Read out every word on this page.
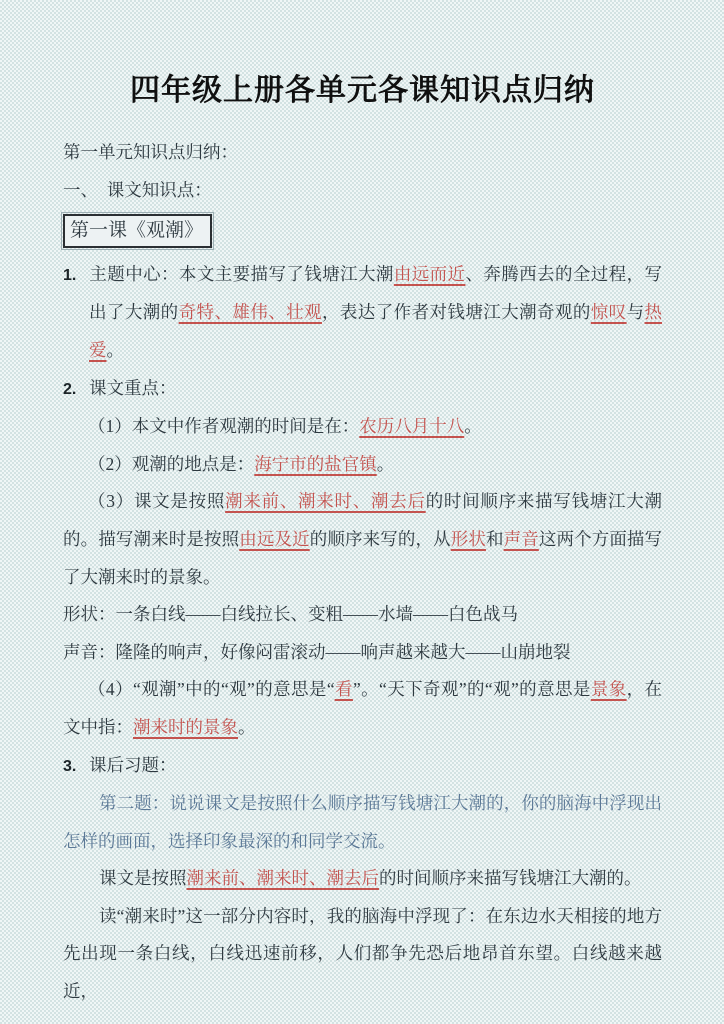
四年级上册各单元各课知识点归纳

第一单元知识点归纳：

一、　课文知识点：

第一课《观潮》

1. 主题中心：本文主要描写了钱塘江大潮由远而近、奔腾西去的全过程，写出了大潮的奇特、雄伟、壮观，表达了作者对钱塘江大潮奇观的惊叹与热爱。

2. 课文重点：

（1）本文中作者观潮的时间是在：农历八月十八。

（2）观潮的地点是：海宁市的盐官镇。

（3）课文是按照潮来前、潮来时、潮去后的时间顺序来描写钱塘江大潮的。描写潮来时是按照由远及近的顺序来写的，从形状和声音这两个方面描写了大潮来时的景象。

形状：一条白线——白线拉长、变粗——水墙——白色战马

声音：隆隆的响声，好像闷雷滚动——响声越来越大——山崩地裂

（4）“观潮”中的“观”的意思是“看”。“天下奇观”的“观”的意思是景象，在文中指：潮来时的景象。

3. 课后习题：

第二题：说说课文是按照什么顺序描写钱塘江大潮的，你的脑海中浮现出怎样的画面，选择印象最深的和同学交流。

课文是按照潮来前、潮来时、潮去后的时间顺序来描写钱塘江大潮的。

读“潮来时”这一部分内容时，我的脑海中浮现了：在东边水天相接的地方先出现一条白线，白线迅速前移，人们都争先恐后地昂首东望。白线越来越近，
